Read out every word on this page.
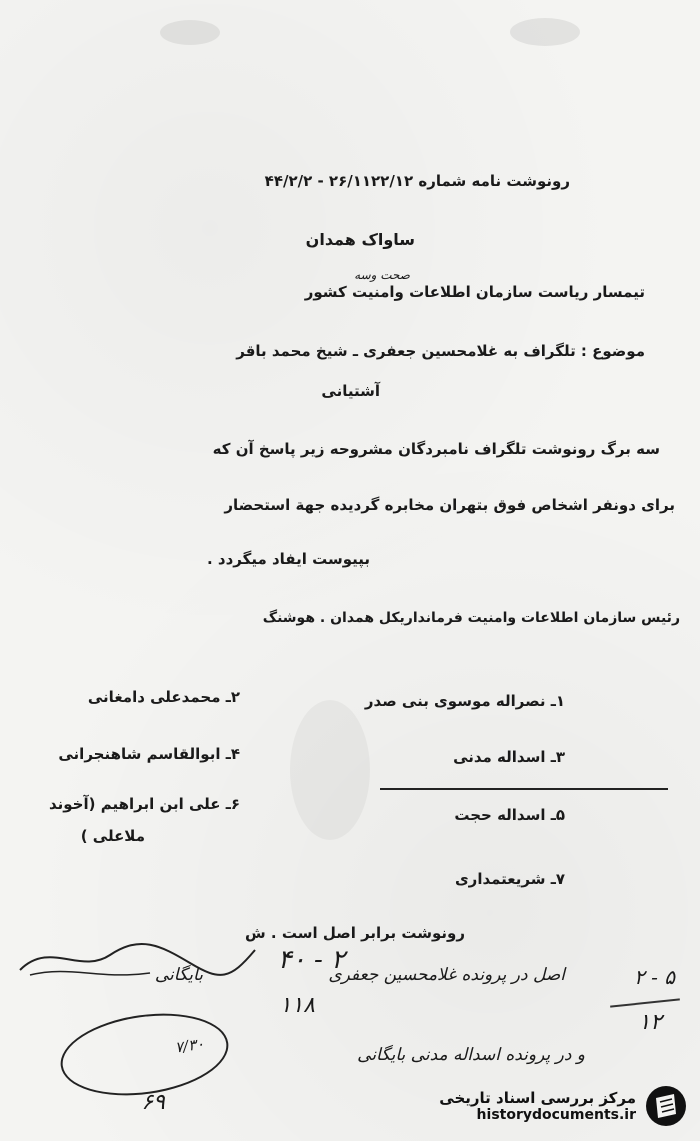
رونوشت نامه شماره ۲۶/۱۱۲۲/۱۲ - ۴۴/۲/۲
ساواک همدان
صحت وسه
تیمسار ریاست سازمان اطلاعات وامنیت کشور
موضوع : تلگراف به غلامحسین جعفری ـ شیخ محمد باقر
آشتیانی
سه برگ رونوشت تلگراف نامبردگان مشروحه زیر پاسخ آن که
برای دونفر اشخاص فوق بتهران مخابره گردیده جهة استحضار
بپیوست ایفاد میگردد .
رئیس سازمان اطلاعات وامنیت فرمانداریکل همدان . هوشنگ
۱ـ نصراله موسوی بنی صدر
۲ـ محمدعلی دامغانی
۳ـ اسداله مدنی
۴ـ ابوالقاسم شاهنجرانی
۵ـ اسداله حجت
۶ـ علی ابن ابراهیم (آخوند
ملاعلی )
۷ـ شریعتمداری
رونوشت برابر اصل است . ش
۴۰ - ۲
اصل در پرونده غلامحسین جعفری بایگانی
۱۱۸
۲ - ۵
۱۲
و در پرونده اسداله مدنی بایگانی
۷/۳۰
۶۹	مرکز بررسی اسناد تاریخی
historydocuments.ir
